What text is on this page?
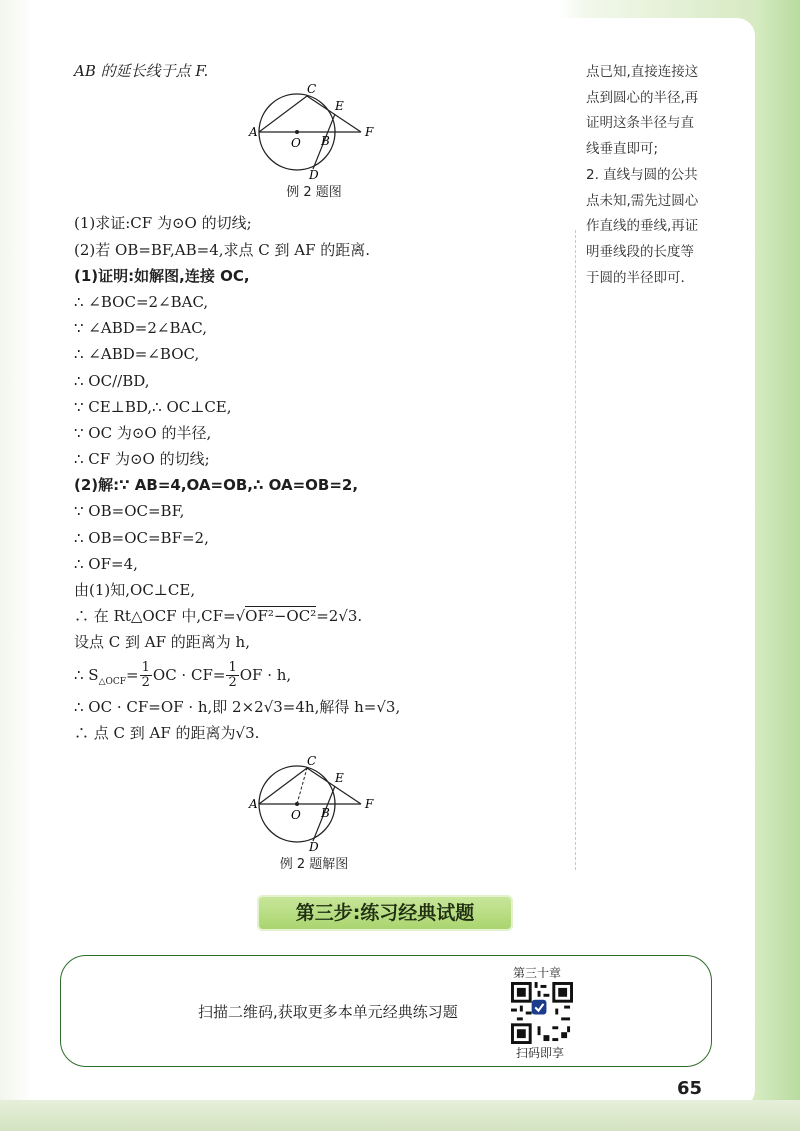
AB 的延长线于点 F.
A
C
E
F
B
O
D
例 2 题图
(1)求证:CF 为⊙O 的切线;
(2)若 OB=BF,AB=4,求点 C 到 AF 的距离.
(1)证明:如解图,连接 OC,
∴ ∠BOC=2∠BAC,
∵ ∠ABD=2∠BAC,
∴ ∠ABD=∠BOC,
∴ OC//BD,
∵ CE⊥BD,∴ OC⊥CE,
∵ OC 为⊙O 的半径,
∴ CF 为⊙O 的切线;
(2)解:∵ AB=4,OA=OB,∴ OA=OB=2,
∵ OB=OC=BF,
∴ OB=OC=BF=2,
∴ OF=4,
由(1)知,OC⊥CE,
∴ 在 Rt△OCF 中,CF=√OF²−OC²=2√3.
设点 C 到 AF 的距离为 h,
∴ $S_{\triangle OCF}= \frac{1}{2}$ OC · $CF= \frac{1}{2}$ OF · h,
∴ OC · CF=OF · h,即 2×2√3=4h,解得 h=√3,
∴ 点 C 到 AF 的距离为√3.
A
C
E
F
B
O
D
例 2 题解图
点已知,直接连接这
点到圆心的半径,再
证明这条半径与直
线垂直即可;
2. 直线与圆的公共
点未知,需先过圆心
作直线的垂线,再证
明垂线段的长度等
于圆的半径即可.
第三步:练习经典试题
扫描二维码,获取更多本单元经典练习题
第三十章
扫码即享
65
